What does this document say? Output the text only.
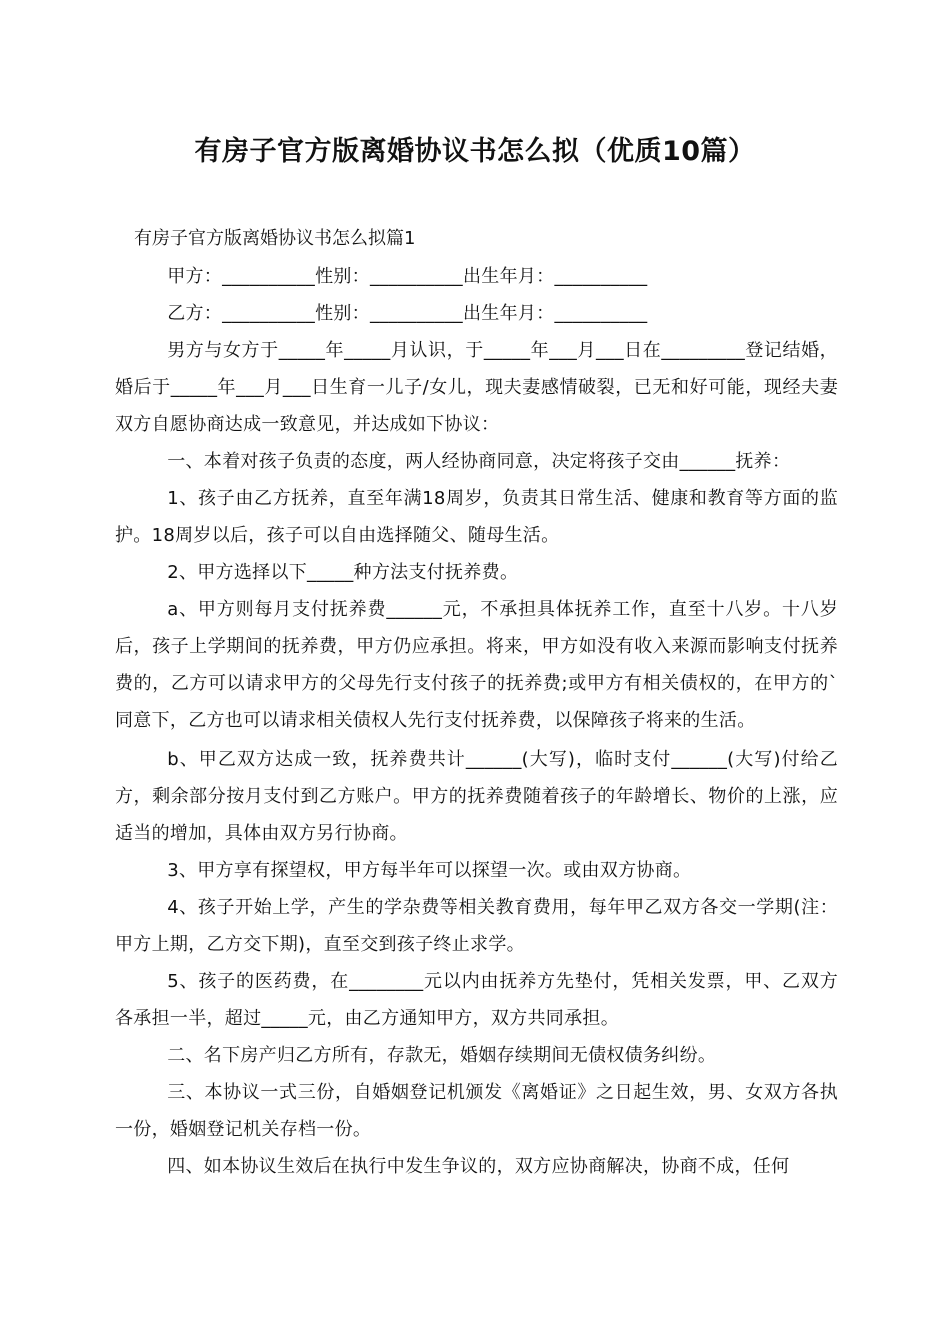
有房子官方版离婚协议书怎么拟（优质10篇）
有房子官方版离婚协议书怎么拟篇1

甲方：__________性别：__________出生年月：__________

乙方：__________性别：__________出生年月：__________

男方与女方于_____年_____月认识，于_____年___月___日在_________登记结婚，婚后于_____年___月___日生育一儿子/女儿，现夫妻感情破裂，已无和好可能，现经夫妻双方自愿协商达成一致意见，并达成如下协议：

一、本着对孩子负责的态度，两人经协商同意，决定将孩子交由______抚养：

1、孩子由乙方抚养，直至年满18周岁，负责其日常生活、健康和教育等方面的监护。18周岁以后，孩子可以自由选择随父、随母生活。

2、甲方选择以下_____种方法支付抚养费。

a、甲方则每月支付抚养费______元，不承担具体抚养工作，直至十八岁。十八岁后，孩子上学期间的抚养费，甲方仍应承担。将来，甲方如没有收入来源而影响支付抚养费的，乙方可以请求甲方的父母先行支付孩子的抚养费;或甲方有相关债权的，在甲方的`同意下，乙方也可以请求相关债权人先行支付抚养费，以保障孩子将来的生活。

b、甲乙双方达成一致，抚养费共计______(大写)，临时支付______(大写)付给乙方，剩余部分按月支付到乙方账户。甲方的抚养费随着孩子的年龄增长、物价的上涨，应适当的增加，具体由双方另行协商。

3、甲方享有探望权，甲方每半年可以探望一次。或由双方协商。

4、孩子开始上学，产生的学杂费等相关教育费用，每年甲乙双方各交一学期(注：甲方上期，乙方交下期)，直至交到孩子终止求学。

5、孩子的医药费，在________元以内由抚养方先垫付，凭相关发票，甲、乙双方各承担一半，超过_____元，由乙方通知甲方，双方共同承担。

二、名下房产归乙方所有，存款无，婚姻存续期间无债权债务纠纷。

三、本协议一式三份，自婚姻登记机颁发《离婚证》之日起生效，男、女双方各执一份，婚姻登记机关存档一份。

四、如本协议生效后在执行中发生争议的，双方应协商解决，协商不成，任何
